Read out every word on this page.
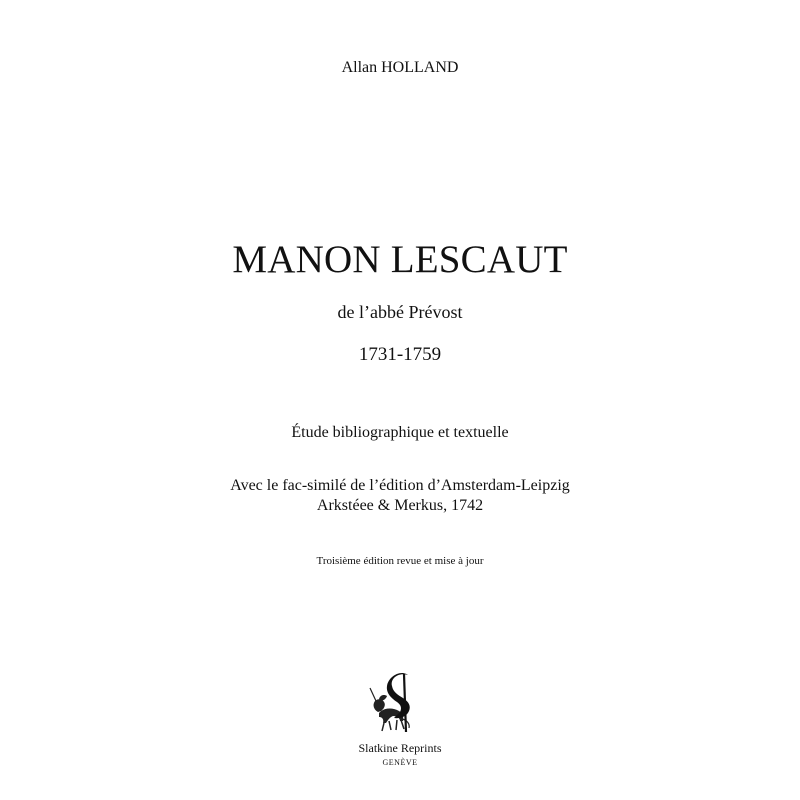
Allan HOLLAND
MANON LESCAUT
de l’abbé Prévost
1731-1759
Étude bibliographique et textuelle
Avec le fac-similé de l’édition d’Amsterdam-Leipzig
Arkstéee & Merkus, 1742
Troisième édition revue et mise à jour
Slatkine Reprints
GENÈVE
